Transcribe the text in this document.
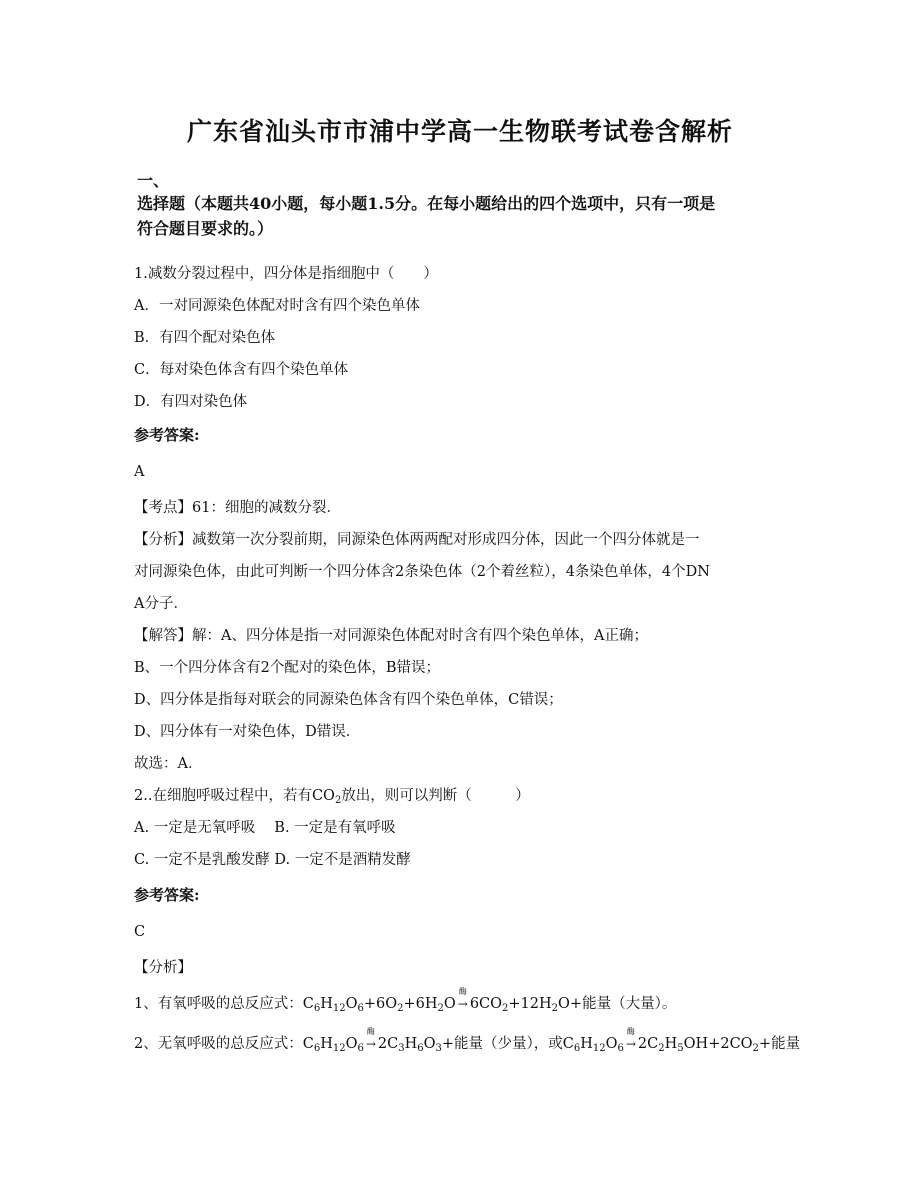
广东省汕头市市浦中学高一生物联考试卷含解析
一、
选择题（本题共40小题，每小题1.5分。在每小题给出的四个选项中，只有一项是
符合题目要求的。）
1.减数分裂过程中，四分体是指细胞中（　　）
A．一对同源染色体配对时含有四个染色单体
B．有四个配对染色体
C．每对染色体含有四个染色单体
D．有四对染色体
参考答案:
A
【考点】61：细胞的减数分裂．
【分析】减数第一次分裂前期，同源染色体两两配对形成四分体，因此一个四分体就是一
对同源染色体，由此可判断一个四分体含2条染色体（2个着丝粒），4条染色单体，4个DN
A分子．
【解答】解：A、四分体是指一对同源染色体配对时含有四个染色单体，A正确；
B、一个四分体含有2个配对的染色体，B错误；
D、四分体是指每对联会的同源染色体含有四个染色单体，C错误；
D、四分体有一对染色体，D错误．
故选：A．
2..在细胞呼吸过程中，若有$CO_2$放出，则可以判断（　　　）
A. 一定是无氧呼吸　 B. 一定是有氧呼吸
C. 一定不是乳酸发酵 D. 一定不是酒精发酵
参考答案:
C
【分析】
1、有氧呼吸的总反应式：$C_6H_{12}O_6+6O_2+6H_2O$
酶
→ $6CO_2+12H_2O+$能量（大量）。
2、无氧呼吸的总反应式：$C_6H_{12}O_6$
酶
→ $2C_3H_6O_3+$能量（少量），或$C_6H_{12}O_6$
酶
→ $2C_2H_5OH+2CO_2+$能量
